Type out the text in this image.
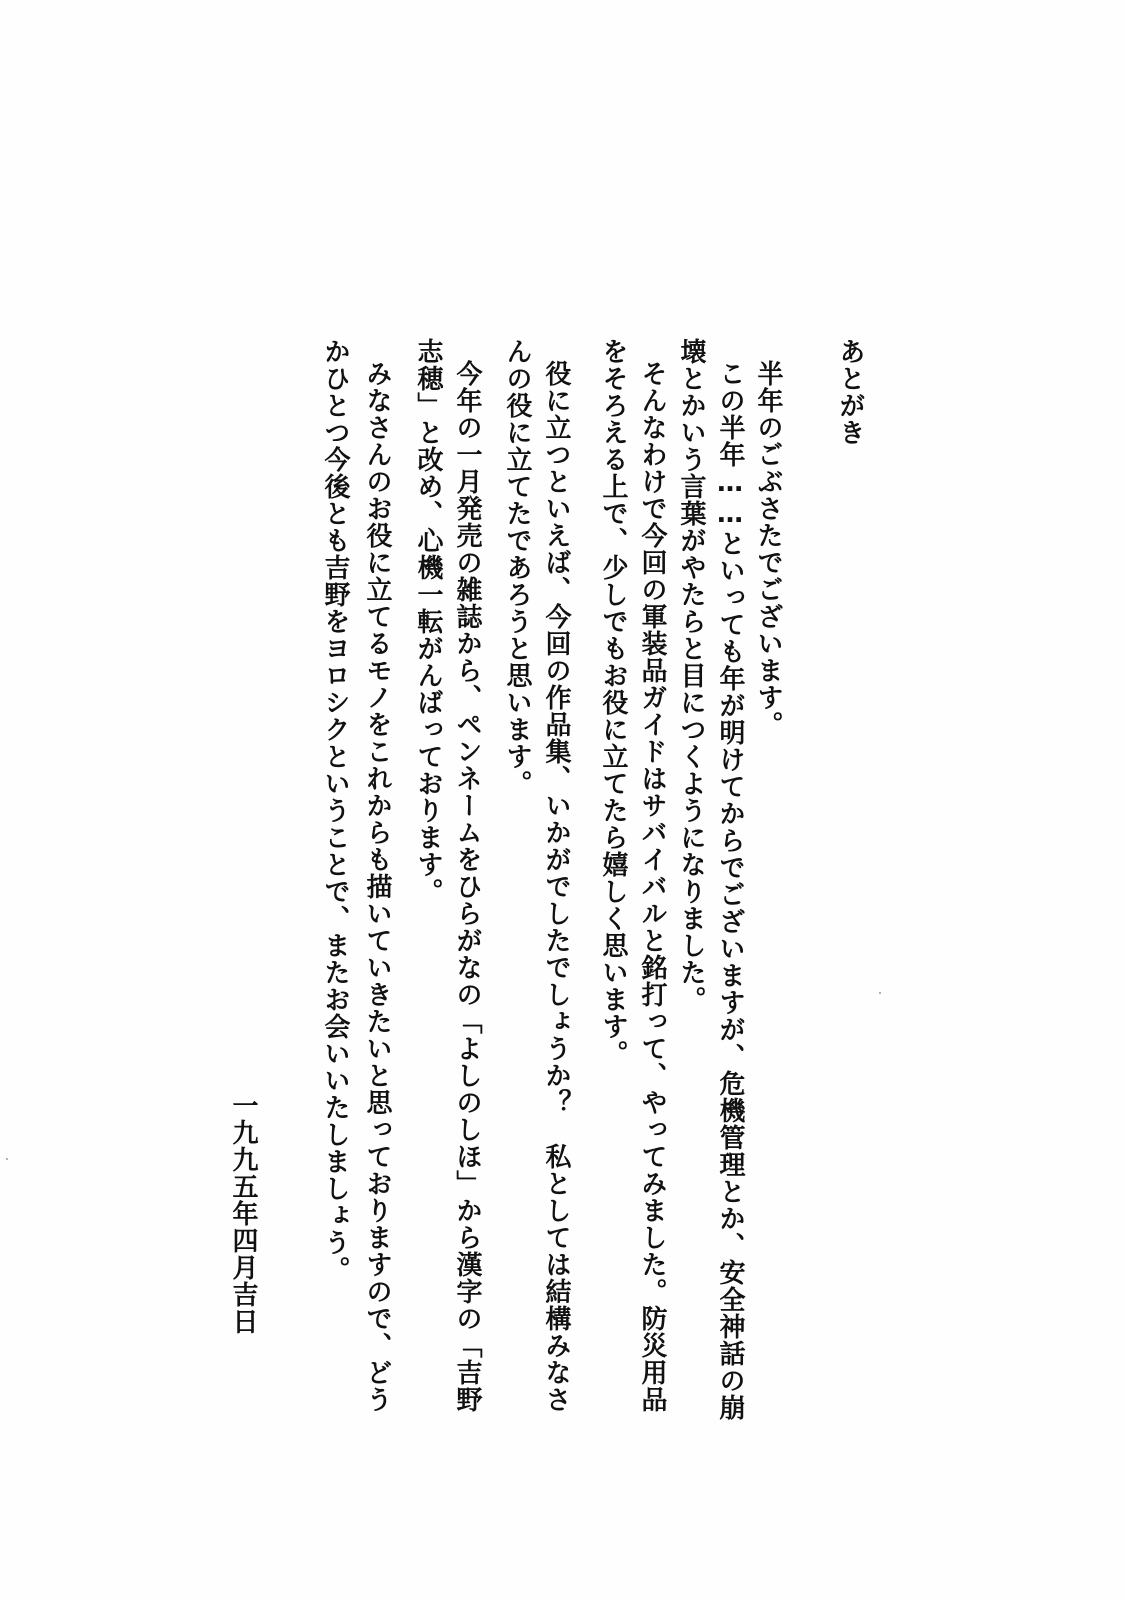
あとがき
半年のごぶさたでございます。
この半年……といっても年が明けてからでございますが、危機管理とか、安全神話の崩
壊とかいう言葉がやたらと目につくようになりました。
そんなわけで今回の軍装品ガイドはサバイバルと銘打って、やってみました。防災用品
をそろえる上で、少しでもお役に立てたら嬉しく思います。
役に立つといえば、今回の作品集、いかがでしたでしょうか？　私としては結構みなさ
んの役に立てたであろうと思います。
今年の一月発売の雑誌から、ペンネームをひらがなの「よしのしほ」から漢字の「吉野
志穂」と改め、心機一転がんばっております。
みなさんのお役に立てるモノをこれからも描いていきたいと思っておりますので、どう
かひとつ今後とも吉野をヨロシクということで、またお会いいたしましょう。
一九九五年四月吉日
